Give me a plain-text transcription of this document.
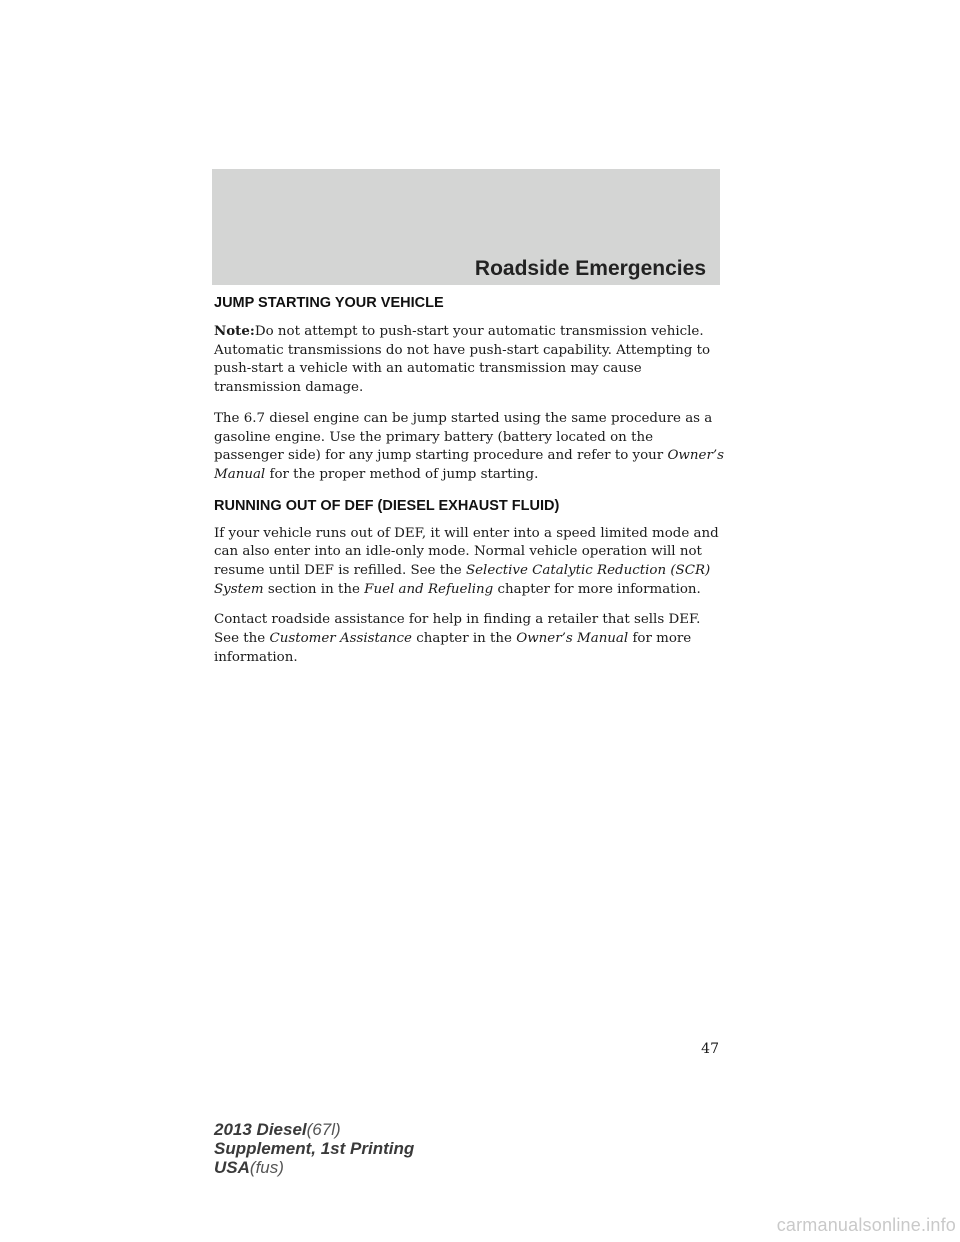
Roadside Emergencies
JUMP STARTING YOUR VEHICLE

Note:Do not attempt to push-start your automatic transmission vehicle. Automatic transmissions do not have push-start capability. Attempting to push-start a vehicle with an automatic transmission may cause transmission damage.

The 6.7 diesel engine can be jump started using the same procedure as a gasoline engine. Use the primary battery (battery located on the passenger side) for any jump starting procedure and refer to your Owner’s Manual for the proper method of jump starting.

RUNNING OUT OF DEF (DIESEL EXHAUST FLUID)

If your vehicle runs out of DEF, it will enter into a speed limited mode and can also enter into an idle-only mode. Normal vehicle operation will not resume until DEF is refilled. See the Selective Catalytic Reduction (SCR) System section in the Fuel and Refueling chapter for more information.

Contact roadside assistance for help in finding a retailer that sells DEF. See the Customer Assistance chapter in the Owner’s Manual for more information.

47
2013 Diesel(67l)
Supplement, 1st Printing
USA(fus)
carmanualsonline.info
